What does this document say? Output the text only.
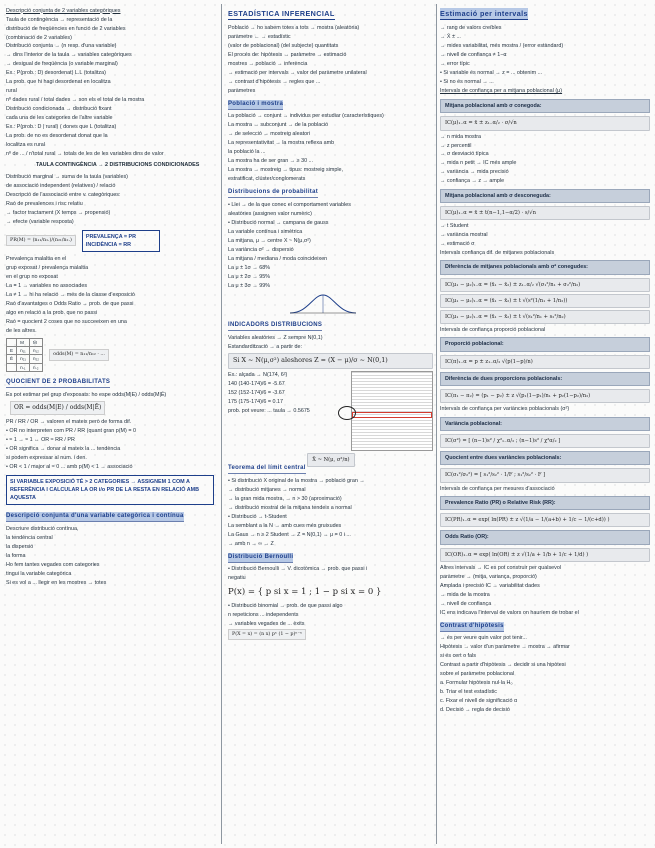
Descripció conjunta de 2 variables categòriques
Taula de contingència → representació de la
distribució de freqüències en funció de 2 variables
(combinació de 2 variables)
Distribució conjunta → (n resp. d'una variable)
→ dins l'interior de la taula → variables categòriques
→ desigual de freqüència (o variable marginal)
Ex.: P(prob.: D) desordenat) L.L (totalitza)
La prob. que hi hagi desordenat en localitza
rural
nº dades rural / total dades → son els el total de la mostra
Distribució condicionada → distribució fixant
cada una de les categories de l'altre variable
Ex.: P(prob.: D | rural) ( dones que L (totalitza)
La prob. de no es desordenat donat que la
localitza es rural
nº de ... / n'total rural → totals de les de les variables dins de valor
TAULA CONTINGÈNCIA → 2 DISTRIBUCIONS CONDICIONADES
Distribució marginal → suma de la taula (variables)
de associació independent (relatives) / relació
Descripció de l'associació entre v. categòriques:
Raó de prevalences i risc relatiu
→ factor tractament (X temps → propensió)
→ efecte (variable resposta)
PR(M) = (n₁₁/n₁.)/(n₂₁/n₂.)
PREVALENÇA = PR INCIDÈNCIA = RR
Prevalença malaltia en el
grup exposat / prevalença malaltia
en el grup no exposat
La = 1 → variables no associades
La ≠ 1 → hi ha relació → més de la classe d'exposició
Raó d'avantatges o Odds Ratio → prob. de que passi
algo en relació a la prob. que no passi
Raó = quocient 2 coses que no succeeixen en una
de les altres.
	M	M̄
E	n₁₁	n₁₂
Ē	n₂₁	n₂₂
	n.₁	n.₂
odds(M) = n₁₁/n₁₂ · ...
QUOCIENT DE 2 PROBABILITATS
Es pot estimar pel grup d'exposats: ho espe odds(M|E) / odds(M|Ē)
OR = odds(M|E) / odds(M|Ē)
PR / RR / OR → valoren el mateix però de forma dif.
• OR no interpreten com PR / RR (quant gran p(M) = 0
• ≈ 1 → ≈ 1 ↔ OR ≈ RR / PR
• OR significa → donar al mateix la ... tendència
si podem expressar al num. i den.
• OR < 1 / major al ≈ 0 ... amb p(M) < 1 → associació
SI VARIABLE EXPOSICIÓ TÉ > 2 CATEGORIES → ASSIGNEM 1 COM A REFERÈNCIA I CALCULAR LA OR i/o PR DE LA RESTA EN RELACIÓ AMB AQUESTA
Descripció conjunta d'una variable categòrica i contínua
Descriure distribució contínua,
la tendència central
la dispersió
la forma
Ho fem tantes vegades com categories
tingui la variable categòrica
Si es vol a ... llegir en les mostres → totes
ESTADÍSTICA INFERENCIAL
Població → ho sabem totes a tots → mostra (aleatòria)
paràmetre ← → estadístic
(valor de poblacional) (del subjecte) quantitats
El procés de: hipòtesis → paràmetre → estimació
mostres → població → inferència
→ estimació per intervals → valor del paràmetre unilateral
→ contrast d'hipòtesis → regles que ...
paràmetres
Població i mostra
La població → conjunt → individus per estudiar (característiques)
La mostra → subconjunt → de la població
→ de selecció → mostreig aleatori
La representativitat → la mostra reflexa amb
la població la ...
La mostra ha de ser gran → ≥ 30 ...
La mostra → mostreig → tipus: mostreig simple,
estratificat, clúster/conglomerats
Distribucions de probabilitat
• Llei → de la que conec el comportament variables
aleatòries (assignen valor numèric)
• Distribució normal → campana de gauss
La variable contínua i simètrica
La mitjana, μ → centre X ~ N(μ,σ²)
La variància σ² → dispersió
La mitjana / mediana / moda coincideixen
La μ ± 1σ → 68%
La μ ± 2σ → 95%
La μ ± 3σ → 99%
INDICADORS DISTRIBUCIONS
Variables aleatòries → Z sempre N(0,1)
Estandardització → a partir de:
Si X ~ N(μ,σ²) aleshores Z = (X − μ)/σ ~ N(0,1)
Ex.: alçada → N(174, 6²)
140 (140-174)/6 = -5.67
152 (152-174)/6 = -3.67
175 (175-174)/6 = 0.17
prob. pot veure: ... taula → 0.5675
Teorema del límit central X̄ ~ N(μ, σ²/n)
• Si distribució X original de la mostra → població gran →
→ distribució mitjanes → normal
→ la gran mida mostra, → n > 30 (aproximació)
→ distribució mostral de la mitjana tendeix a normal
• Distribució → t-Student
La semblant a la N → amb cues més gruixudes
La Gaus → n ≥ 2 Student → Z = N(0,1) → μ = 0 i ...
→ amb n → ∞ → Z
Distribució Bernoulli
• Distribució Bernoulli → V. dicotòmica → prob. que passi i
negatiu
P(x) = { p si x = 1 ; 1 − p si x = 0 }
• Distribució binomial → prob. de que passi algo
n repeticions ... independents
→ variables vegades de ... èxits
P(X = x) = (n x) pˣ (1 − p)ⁿ⁻ˣ
Estimació per intervals
→ rang de valors creïbles
→ X̄ ± ...
→ mides variabilitat, més mostra / (error estàndard)
→ nivell de confiança ≠ 1−α
→ error típic
• Si variable és normal → z = ... obtenim ...
• Si no és normal → ...
Intervals de confiança per a mitjana poblacional (μ)
Mitjana poblacional amb σ conegoda:
IC(μ)₁₋α = x̄ ± z₁₋α/₂ · σ/√n
→ n mida mostra
→ z percentil
→ σ desviació típica
→ mida n petit → IC més ample
→ variància → mida precisió
→ confiança → z → ample
Mitjana poblacional amb σ desconeguda:
IC(μ)₁₋α = x̄ ± t(n−1,1−α/2) · s/√n
→ t Student
→ variància mostral
→ estimació σ
Intervals confiança dif. de mitjanes poblacionals
Diferència de mitjanes poblacionals amb σ² conegudes:
IC(μ₁ − μ₂)₁₋α = (x̄₁ − x̄₂) ± z₁₋α/₂ √(σ₁²/n₁ + σ₂²/n₂)
IC(μ₁ − μ₂)₁₋α = (x̄₁ − x̄₂) ± t √(s²(1/n₁ + 1/n₂))
IC(μ₁ − μ₂)₁₋α = (x̄₁ − x̄₂) ± t √(s₁²/n₁ + s₂²/n₂)
Intervals de confiança proporció poblacional
Proporció poblacional:
IC(π)₁₋α = p ± z₁₋α/₂ √(p(1−p)/n)
Diferència de dues proporcions poblacionals:
IC(π₁ − π₂) = (p₁ − p₂) ± z √(p₁(1−p₁)/n₁ + p₂(1−p₂)/n₂)
Intervals de confiança per variàncies poblacionals (σ²)
Variància poblacional:
IC(σ²) = [ (n−1)s² / χ²₁₋α/₂ ; (n−1)s² / χ²α/₂ ]
Quocient entre dues variàncies poblacionals:
IC(σ₁²/σ₂²) = [ s₁²/s₂² · 1/F ; s₁²/s₂² · F ]
Intervals de confiança per mesures d'associació
Prevalence Ratio (PR) o Relative Risk (RR):
IC(PR)₁₋α = exp( ln(PR) ± z √(1/a − 1/(a+b) + 1/c − 1/(c+d)) )
Odds Ratio (OR):
IC(OR)₁₋α = exp( ln(OR) ± z √(1/a + 1/b + 1/c + 1/d) )
Altres intervals → IC es pot construir per qualsevol
paràmetre → (mitja, variança, proporció)
Amplada i precisió IC → variabilitat dades
→ mida de la mostra
→ nivell de confiança
IC ens indicava l'interval de valors on hauríem de trobar el
Contrast d'hipòtesis
→ és per veure quin valor pot tenir...
Hipòtesis → valor d'un paràmetre → mostra → afirmar
si és cert o fals
Contrast a partir d'hipòtesis → decidir si una hipòtesi
sobre el paràmetre poblacional
a. Formular hipòtesis nul·la H₀
b. Triar el test estadístic
c. Fixar el nivell de significació α
d. Decisió → regla de decisió
